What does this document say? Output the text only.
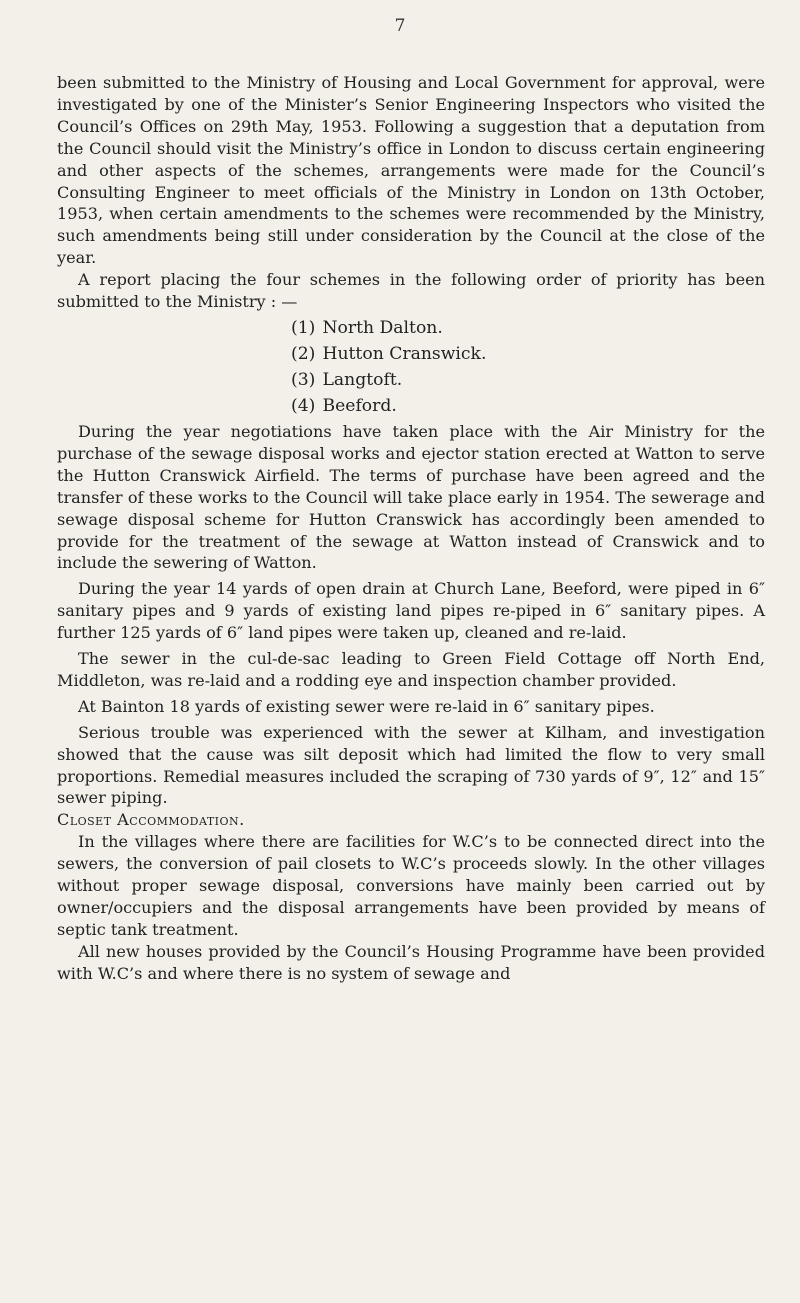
7

been submitted to the Ministry of Housing and Local Government for approval, were investigated by one of the Minister’s Senior Engineering Inspectors who visited the Council’s Offices on 29th May, 1953. Following a suggestion that a deputation from the Council should visit the Ministry’s office in London to discuss certain engineering and other aspects of the schemes, arrangements were made for the Council’s Consulting Engineer to meet officials of the Ministry in London on 13th October, 1953, when certain amendments to the schemes were recommended by the Ministry, such amendments being still under consideration by the Council at the close of the year.

A report placing the four schemes in the following order of priority has been submitted to the Ministry : —

(1) North Dalton.
(2) Hutton Cranswick.
(3) Langtoft.
(4) Beeford.

During the year negotiations have taken place with the Air Ministry for the purchase of the sewage disposal works and ejector station erected at Watton to serve the Hutton Cranswick Airfield. The terms of purchase have been agreed and the transfer of these works to the Council will take place early in 1954. The sewerage and sewage disposal scheme for Hutton Cranswick has accordingly been amended to provide for the treatment of the sewage at Watton instead of Cranswick and to include the sewering of Watton.

During the year 14 yards of open drain at Church Lane, Beeford, were piped in 6″ sanitary pipes and 9 yards of existing land pipes re-piped in 6″ sanitary pipes. A further 125 yards of 6″ land pipes were taken up, cleaned and re-laid.

The sewer in the cul-de-sac leading to Green Field Cottage off North End, Middleton, was re-laid and a rodding eye and inspection chamber provided.

At Bainton 18 yards of existing sewer were re-laid in 6″ sanitary pipes.

Serious trouble was experienced with the sewer at Kilham, and investigation showed that the cause was silt deposit which had limited the flow to very small proportions. Remedial measures included the scraping of 730 yards of 9″, 12″ and 15″ sewer piping.

Closet Accommodation.

In the villages where there are facilities for W.C’s to be connected direct into the sewers, the conversion of pail closets to W.C’s proceeds slowly. In the other villages without proper sewage disposal, conversions have mainly been carried out by owner/occupiers and the disposal arrangements have been provided by means of septic tank treatment.

All new houses provided by the Council’s Housing Programme have been provided with W.C’s and where there is no system of sewage and
